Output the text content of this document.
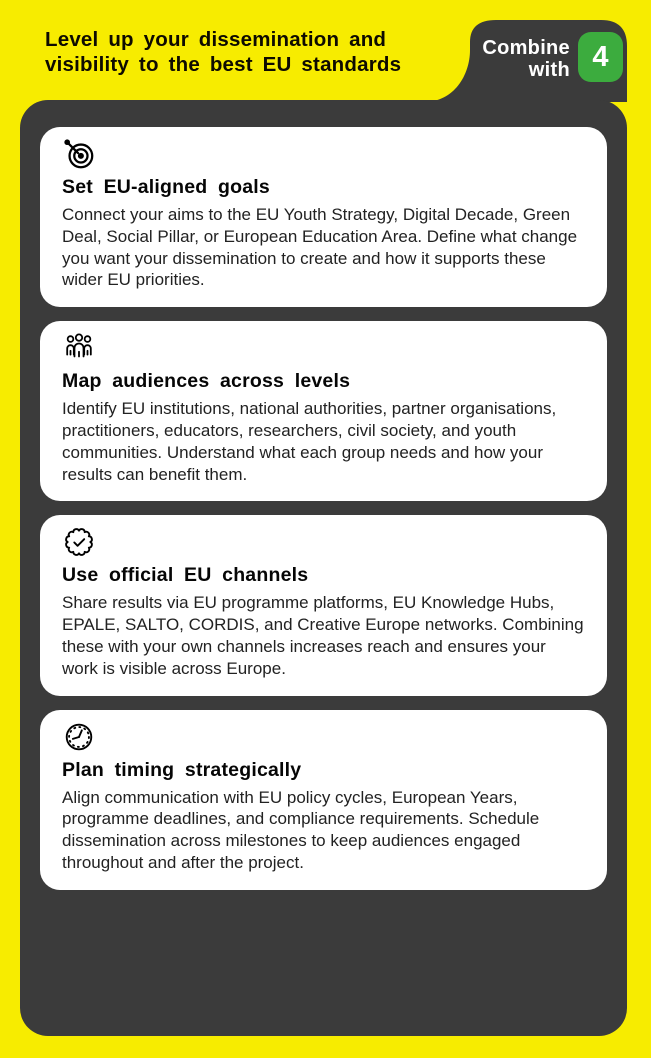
Level up your dissemination and
visibility to the best EU standards
Combine
with 4
Set EU-aligned goals

Connect your aims to the EU Youth Strategy, Digital Decade, Green Deal, Social Pillar, or European Education Area. Define what change you want your dissemination to create and how it supports these wider EU priorities.

Map audiences across levels

Identify EU institutions, national authorities, partner organisations, practitioners, educators, researchers, civil society, and youth communities. Understand what each group needs and how your results can benefit them.

Use official EU channels

Share results via EU programme platforms, EU Knowledge Hubs, EPALE, SALTO, CORDIS, and Creative Europe networks. Combining these with your own channels increases reach and ensures your work is visible across Europe.

Plan timing strategically

Align communication with EU policy cycles, European Years, programme deadlines, and compliance requirements. Schedule dissemination across milestones to keep audiences engaged throughout and after the project.
